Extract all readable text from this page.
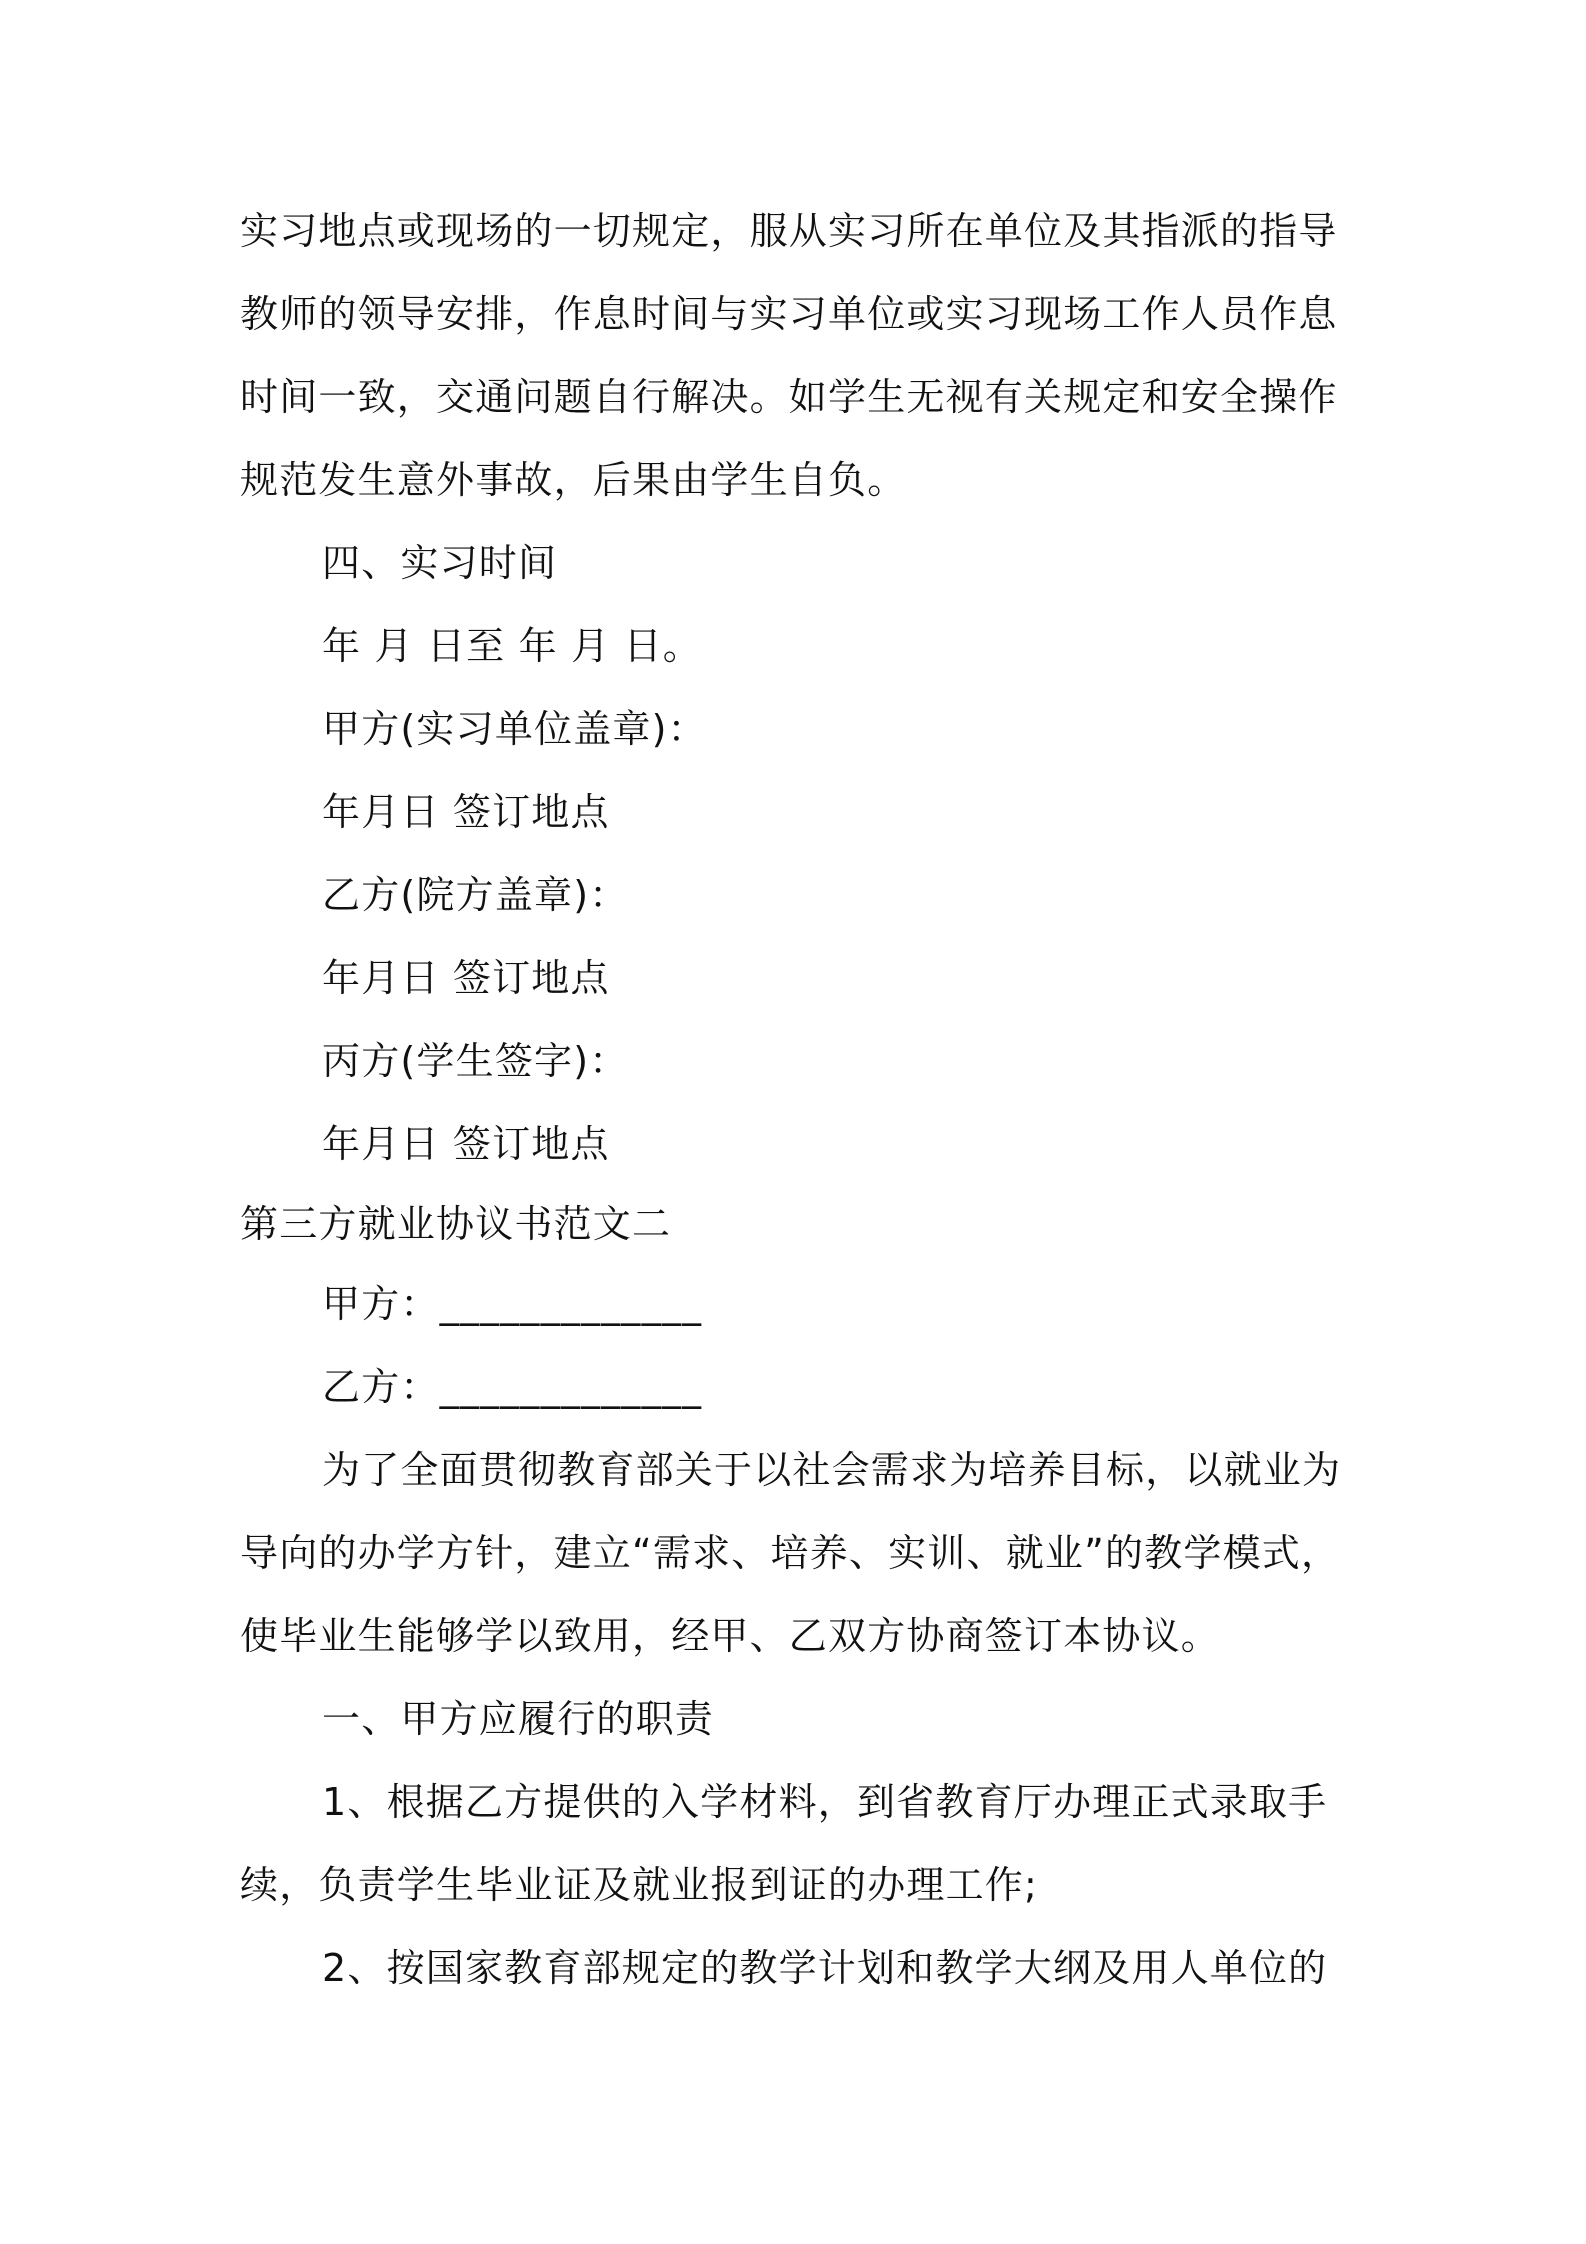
实习地点或现场的一切规定，服从实习所在单位及其指派的指导
教师的领导安排，作息时间与实习单位或实习现场工作人员作息
时间一致，交通问题自行解决。如学生无视有关规定和安全操作
规范发生意外事故，后果由学生自负。
四、实习时间
年 月 日至 年 月 日。
甲方(实习单位盖章)：
年月日 签订地点
乙方(院方盖章)：
年月日 签订地点
丙方(学生签字)：
年月日 签订地点
第三方就业协议书范文二
甲方：_____________
乙方：_____________
为了全面贯彻教育部关于以社会需求为培养目标，以就业为
导向的办学方针，建立“需求、培养、实训、就业”的教学模式，
使毕业生能够学以致用，经甲、乙双方协商签订本协议。
一、甲方应履行的职责
1、根据乙方提供的入学材料，到省教育厅办理正式录取手
续，负责学生毕业证及就业报到证的办理工作;
2、按国家教育部规定的教学计划和教学大纲及用人单位的
